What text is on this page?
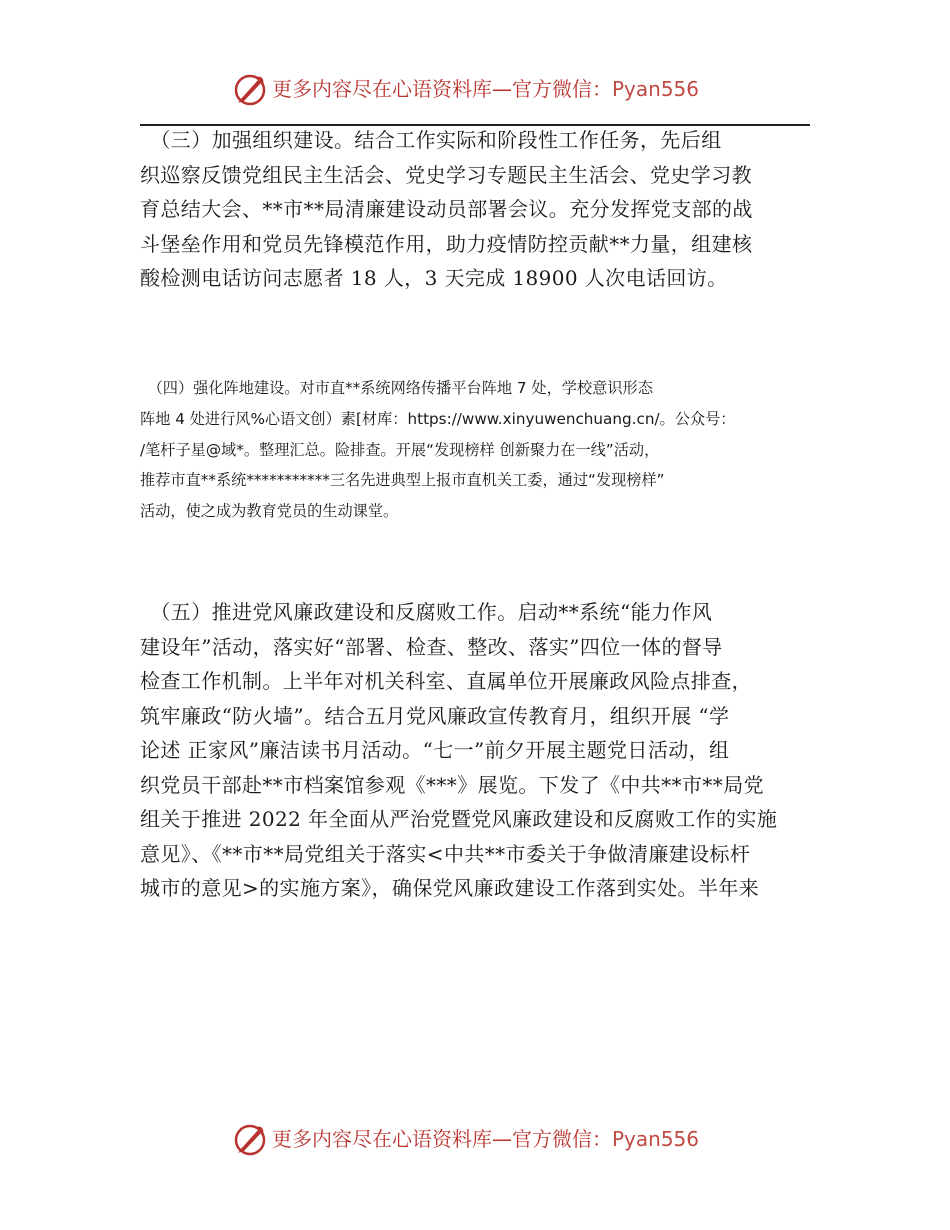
更多内容尽在心语资料库—官方微信：Pyan556
　（三）加强组织建设。结合工作实际和阶段性工作任务，先后组
织巡察反馈党组民主生活会、党史学习专题民主生活会、党史学习教
育总结大会、**市**局清廉建设动员部署会议。充分发挥党支部的战
斗堡垒作用和党员先锋模范作用，助力疫情防控贡献**力量，组建核
酸检测电话访问志愿者 18 人，3 天完成 18900 人次电话回访。
　（四）强化阵地建设。对市直**系统网络传播平台阵地 7 处，学校意识形态
阵地 4 处进行风%心语文创）素[材库：https://www.xinyuwenchuang.cn/。公众号：
/笔杆子星@域*。整理汇总。险排查。开展“发现榜样 创新聚力在一线”活动，
推荐市直**系统***********三名先进典型上报市直机关工委，通过“发现榜样”
活动，使之成为教育党员的生动课堂。
　（五）推进党风廉政建设和反腐败工作。启动**系统“能力作风
建设年”活动，落实好“部署、检查、整改、落实”四位一体的督导
检查工作机制。上半年对机关科室、直属单位开展廉政风险点排查，
筑牢廉政“防火墙”。结合五月党风廉政宣传教育月，组织开展 “学
论述 正家风”廉洁读书月活动。“七一”前夕开展主题党日活动，组
织党员干部赴**市档案馆参观《***》展览。下发了《中共**市**局党
组关于推进 2022 年全面从严治党暨党风廉政建设和反腐败工作的实施
意见》、《**市**局党组关于落实<中共**市委关于争做清廉建设标杆
城市的意见>的实施方案》，确保党风廉政建设工作落到实处。半年来
更多内容尽在心语资料库—官方微信：Pyan556
